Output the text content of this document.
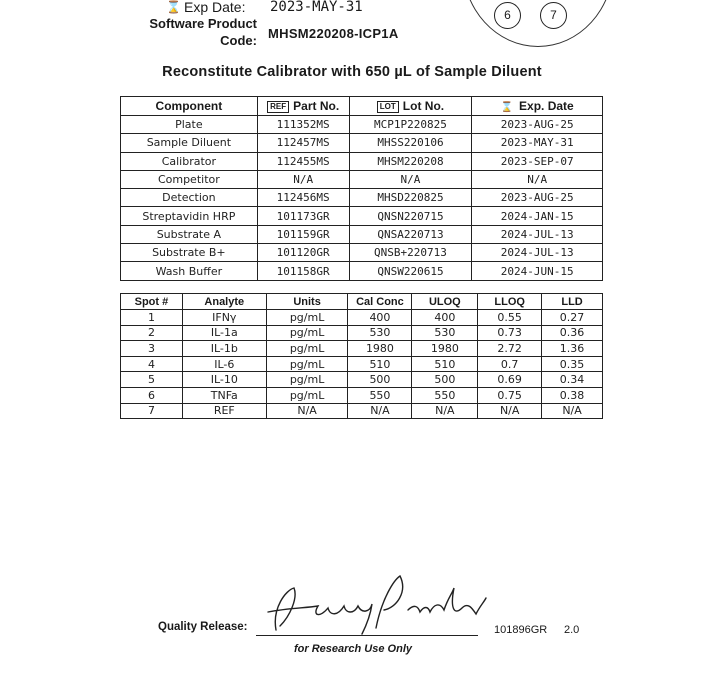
⌛ Exp Date: 2023-MAY-31
Software Product
Code: MHSM220208-ICP1A
6	7
Reconstitute Calibrator with 650 µL of Sample Diluent
Component	REF Part No.	LOT Lot No.	⌛ Exp. Date
Plate	111352MS	MCP1P220825	2023-AUG-25
Sample Diluent	112457MS	MHSS220106	2023-MAY-31
Calibrator	112455MS	MHSM220208	2023-SEP-07
Competitor	N/A	N/A	N/A
Detection	112456MS	MHSD220825	2023-AUG-25
Streptavidin HRP	101173GR	QNSN220715	2024-JAN-15
Substrate A	101159GR	QNSA220713	2024-JUL-13
Substrate B+	101120GR	QNSB+220713	2024-JUL-13
Wash Buffer	101158GR	QNSW220615	2024-JUN-15
Spot #	Analyte	Units	Cal Conc	ULOQ	LLOQ	LLD
1	IFNγ	pg/mL	400	400	0.55	0.27
2	IL-1a	pg/mL	530	530	0.73	0.36
3	IL-1b	pg/mL	1980	1980	2.72	1.36
4	IL-6	pg/mL	510	510	0.7	0.35
5	IL-10	pg/mL	500	500	0.69	0.34
6	TNFa	pg/mL	550	550	0.75	0.38
7	REF	N/A	N/A	N/A	N/A	N/A
Quality Release:	101896GR 2.0
for Research Use Only
